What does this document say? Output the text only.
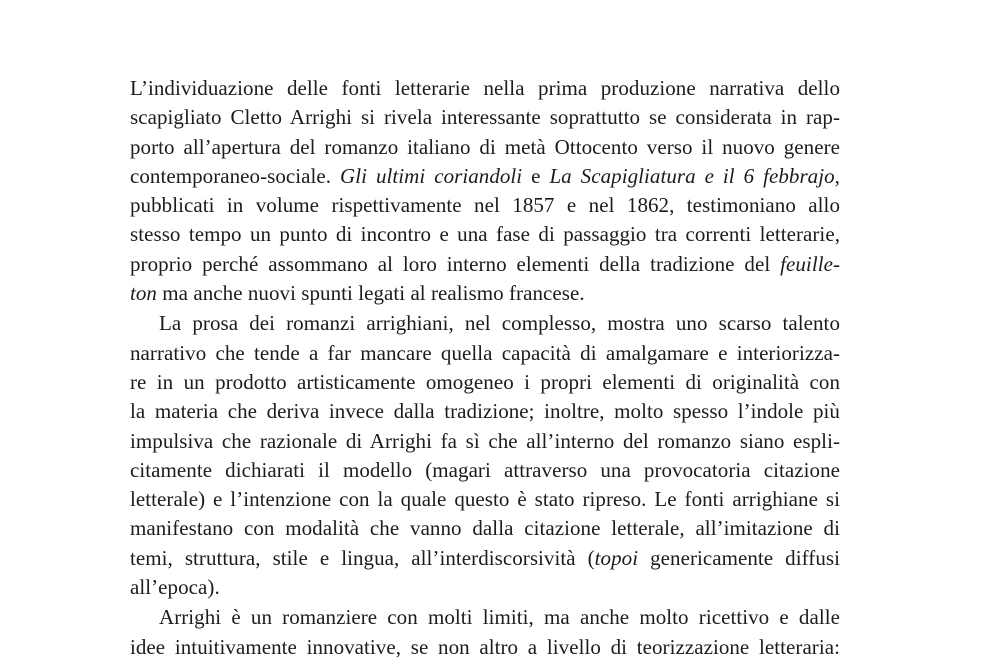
L’individuazione delle fonti letterarie nella prima produzione narrativa dello
scapigliato Cletto Arrighi si rivela interessante soprattutto se considerata in rap-
porto all’apertura del romanzo italiano di metà Ottocento verso il nuovo genere
contemporaneo-sociale. Gli ultimi coriandoli e La Scapigliatura e il 6 febbrajo,
pubblicati in volume rispettivamente nel 1857 e nel 1862, testimoniano allo
stesso tempo un punto di incontro e una fase di passaggio tra correnti letterarie,
proprio perché assommano al loro interno elementi della tradizione del feuille-
ton ma anche nuovi spunti legati al realismo francese.
La prosa dei romanzi arrighiani, nel complesso, mostra uno scarso talento
narrativo che tende a far mancare quella capacità di amalgamare e interiorizza-
re in un prodotto artisticamente omogeneo i propri elementi di originalità con
la materia che deriva invece dalla tradizione; inoltre, molto spesso l’indole più
impulsiva che razionale di Arrighi fa sì che all’interno del romanzo siano espli-
citamente dichiarati il modello (magari attraverso una provocatoria citazione
letterale) e l’intenzione con la quale questo è stato ripreso. Le fonti arrighiane si
manifestano con modalità che vanno dalla citazione letterale, all’imitazione di
temi, struttura, stile e lingua, all’interdiscorsività (topoi genericamente diffusi
all’epoca).
Arrighi è un romanziere con molti limiti, ma anche molto ricettivo e dalle
idee intuitivamente innovative, se non altro a livello di teorizzazione letteraria:
